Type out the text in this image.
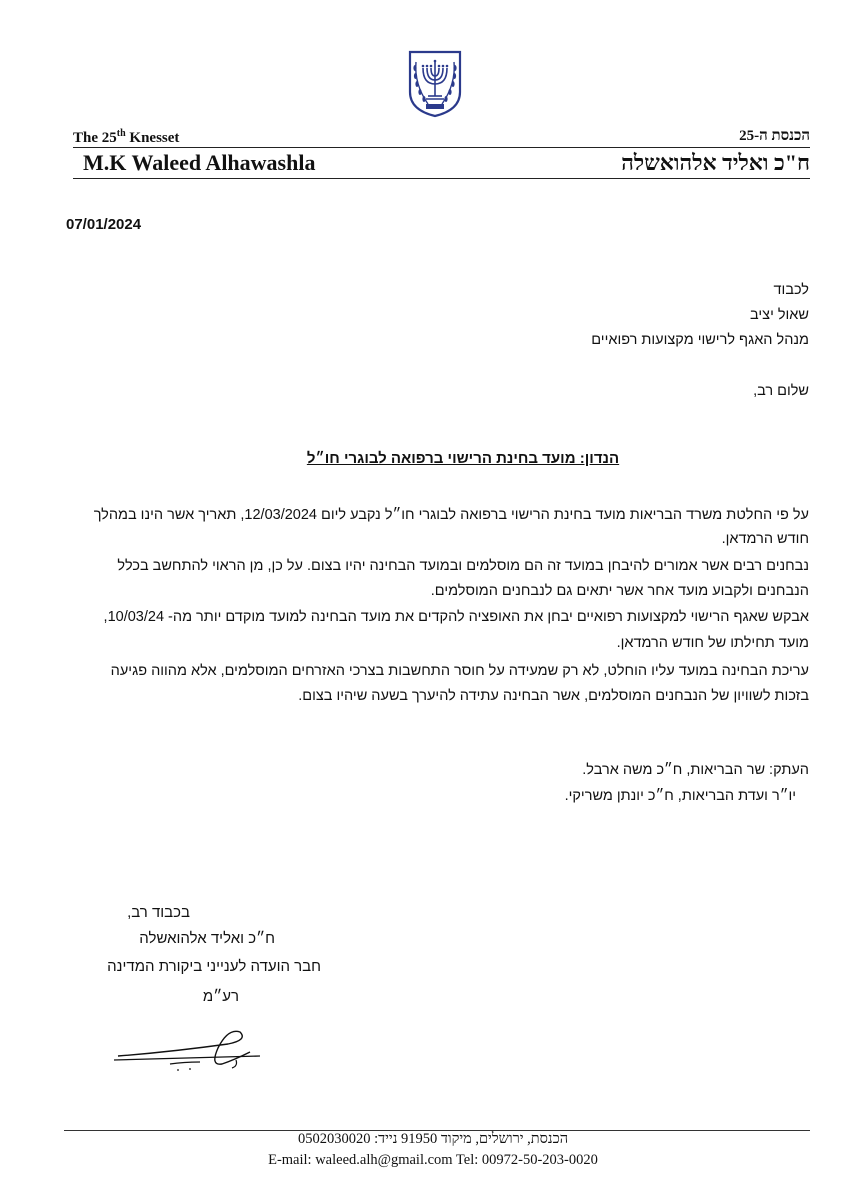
The 25th Knesset	הכנסת ה-25
M.K Waleed Alhawashla	ח"כ ואליד אלהואשלה
07/01/2024
לכבוד
שאול יציב
מנהל האגף לרישוי מקצועות רפואיים
שלום רב,
הנדון: מועד בחינת הרישוי ברפואה לבוגרי חו״ל
על פי החלטת משרד הבריאות מועד בחינת הרישוי ברפואה לבוגרי חו״ל נקבע ליום 12/03/2024, תאריך אשר הינו במהלך
חודש הרמדאן.
נבחנים רבים אשר אמורים להיבחן במועד זה הם מוסלמים ובמועד הבחינה יהיו בצום. על כן, מן הראוי להתחשב בכלל
הנבחנים ולקבוע מועד אחר אשר יתאים גם לנבחנים המוסלמים.
אבקש שאגף הרישוי למקצועות רפואיים יבחן את האופציה להקדים את מועד הבחינה למועד מוקדם יותר מה- 10/03/24,
מועד תחילתו של חודש הרמדאן.
עריכת הבחינה במועד עליו הוחלט, לא רק שמעידה על חוסר התחשבות בצרכי האזרחים המוסלמים, אלא מהווה פגיעה
בזכות לשוויון של הנבחנים המוסלמים, אשר הבחינה עתידה להיערך בשעה שיהיו בצום.
העתק: שר הבריאות, ח״כ משה ארבל.
יו״ר ועדת הבריאות, ח״כ יונתן משריקי.
בכבוד רב,
ח״כ ואליד אלהואשלה
חבר הועדה לענייני ביקורת המדינה
רע״מ
הכנסת, ירושלים, מיקוד 91950 נייד: 0502030020
E-mail: waleed.alh@gmail.com Tel: 00972-50-203-0020
